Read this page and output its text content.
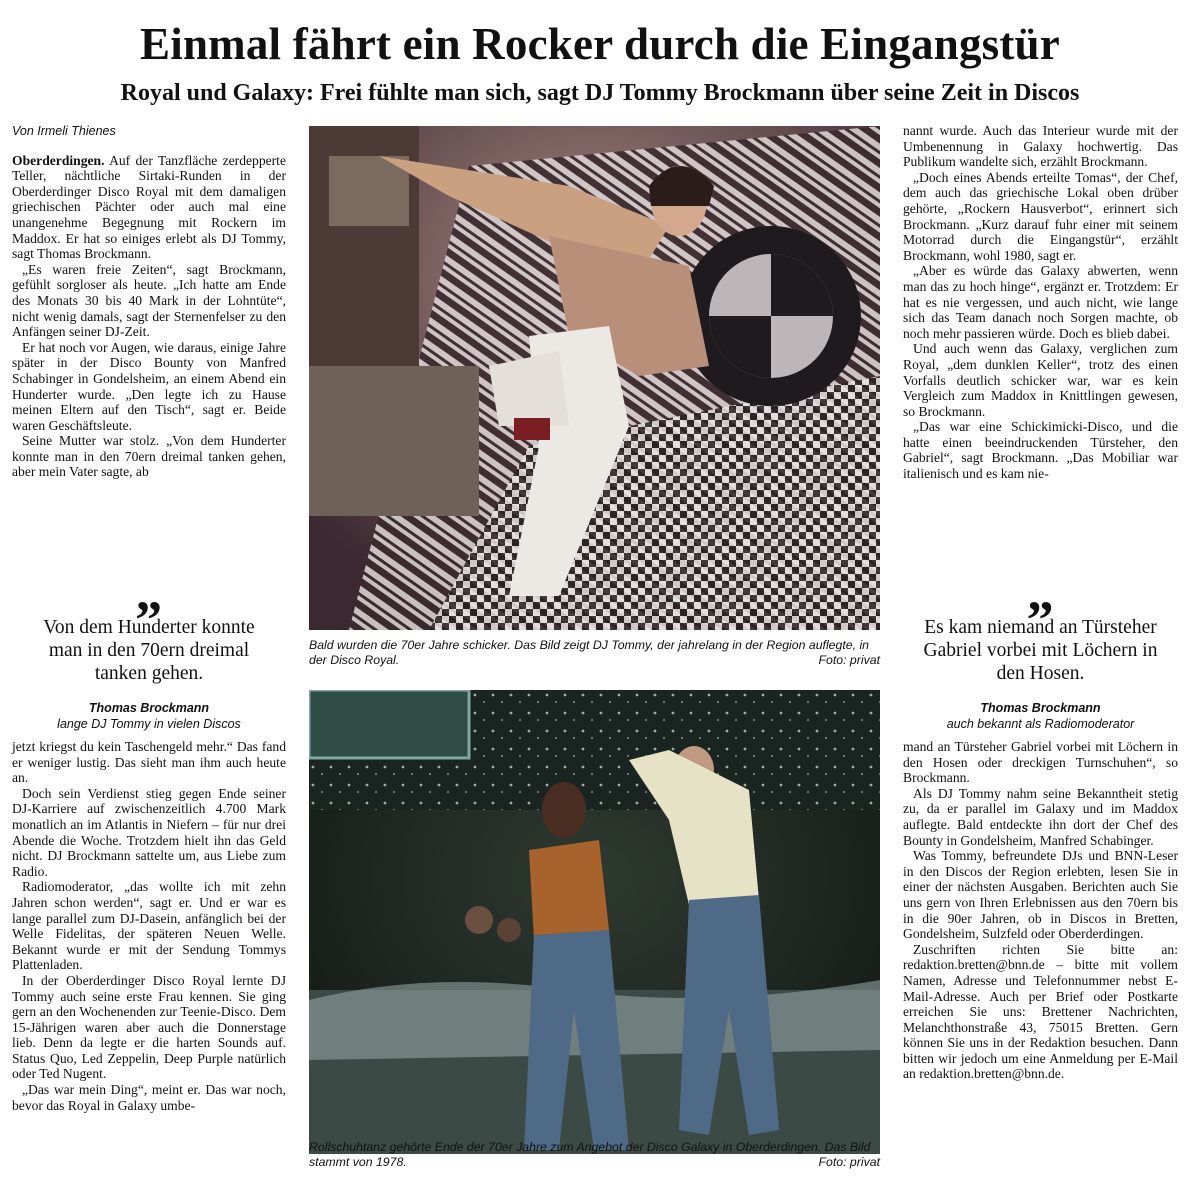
Einmal fährt ein Rocker durch die Eingangstür
Royal und Galaxy: Frei fühlte man sich, sagt DJ Tommy Brockmann über seine Zeit in Discos
Von Irmeli Thienes

Oberderdingen. Auf der Tanzfläche zerdepperte Teller, nächtliche Sirtaki-Runden in der Oberderdinger Disco Royal mit dem damaligen griechischen Pächter oder auch mal eine unangenehme Begegnung mit Rockern im Maddox. Er hat so einiges erlebt als DJ Tommy, sagt Thomas Brockmann.

„Es waren freie Zeiten“, sagt Brockmann, gefühlt sorgloser als heute. „Ich hatte am Ende des Monats 30 bis 40 Mark in der Lohntüte“, nicht wenig damals, sagt der Sternenfelser zu den Anfängen seiner DJ-Zeit.

Er hat noch vor Augen, wie daraus, einige Jahre später in der Disco Bounty von Manfred Schabinger in Gondelsheim, an einem Abend ein Hunderter wurde. „Den legte ich zu Hause meinen Eltern auf den Tisch“, sagt er. Beide waren Geschäftsleute.

Seine Mutter war stolz. „Von dem Hunderter konnte man in den 70ern dreimal tanken gehen, aber mein Vater sagte, ab

„
Von dem Hunderter konnte man in den 70ern dreimal tanken gehen.
Thomas Brockmann
lange DJ Tommy in vielen Discos

jetzt kriegst du kein Taschengeld mehr.“ Das fand er weniger lustig. Das sieht man ihm auch heute an.

Doch sein Verdienst stieg gegen Ende seiner DJ-Karriere auf zwischenzeitlich 4.700 Mark monatlich an im Atlantis in Niefern – für nur drei Abende die Woche. Trotzdem hielt ihn das Geld nicht. DJ Brockmann sattelte um, aus Liebe zum Radio.

Radiomoderator, „das wollte ich mit zehn Jahren schon werden“, sagt er. Und er war es lange parallel zum DJ-Dasein, anfänglich bei der Welle Fidelitas, der späteren Neuen Welle. Bekannt wurde er mit der Sendung Tommys Plattenladen.

In der Oberderdinger Disco Royal lernte DJ Tommy auch seine erste Frau kennen. Sie ging gern an den Wochenenden zur Teenie-Disco. Dem 15-Jährigen waren aber auch die Donnerstage lieb. Denn da legte er die harten Sounds auf. Status Quo, Led Zeppelin, Deep Purple natürlich oder Ted Nugent.

„Das war mein Ding“, meint er. Das war noch, bevor das Royal in Galaxy umbe-

Bald wurden die 70er Jahre schicker. Das Bild zeigt DJ Tommy, der jahrelang in der Region auflegte, in der Disco Royal.	Foto: privat
Rollschuhtanz gehörte Ende der 70er Jahre zum Angebot der Disco Galaxy in Oberderdingen. Das Bild stammt von 1978.	Foto: privat

nannt wurde. Auch das Interieur wurde mit der Umbenennung in Galaxy hochwertig. Das Publikum wandelte sich, erzählt Brockmann.

„Doch eines Abends erteilte Tomas“, der Chef, dem auch das griechische Lokal oben drüber gehörte, „Rockern Hausverbot“, erinnert sich Brockmann. „Kurz darauf fuhr einer mit seinem Motorrad durch die Eingangstür“, erzählt Brockmann, wohl 1980, sagt er.

„Aber es würde das Galaxy abwerten, wenn man das zu hoch hinge“, ergänzt er. Trotzdem: Er hat es nie vergessen, und auch nicht, wie lange sich das Team danach noch Sorgen machte, ob noch mehr passieren würde. Doch es blieb dabei.

Und auch wenn das Galaxy, verglichen zum Royal, „dem dunklen Keller“, trotz des einen Vorfalls deutlich schicker war, war es kein Vergleich zum Maddox in Knittlingen gewesen, so Brockmann.

„Das war eine Schickimicki-Disco, und die hatte einen beeindruckenden Türsteher, den Gabriel“, sagt Brockmann. „Das Mobiliar war italienisch und es kam nie-

„
Es kam niemand an Türsteher Gabriel vorbei mit Löchern in den Hosen.
Thomas Brockmann
auch bekannt als Radiomoderator

mand an Türsteher Gabriel vorbei mit Löchern in den Hosen oder dreckigen Turnschuhen“, so Brockmann.

Als DJ Tommy nahm seine Bekanntheit stetig zu, da er parallel im Galaxy und im Maddox auflegte. Bald entdeckte ihn dort der Chef des Bounty in Gondelsheim, Manfred Schabinger.

Was Tommy, befreundete DJs und BNN-Leser in den Discos der Region erlebten, lesen Sie in einer der nächsten Ausgaben. Berichten auch Sie uns gern von Ihren Erlebnissen aus den 70ern bis in die 90er Jahren, ob in Discos in Bretten, Gondelsheim, Sulzfeld oder Oberderdingen.

Zuschriften richten Sie bitte an: redaktion.bretten@bnn.de – bitte mit vollem Namen, Adresse und Telefonnummer nebst E-Mail-Adresse. Auch per Brief oder Postkarte erreichen Sie uns: Brettener Nachrichten, Melanchthonstraße 43, 75015 Bretten. Gern können Sie uns in der Redaktion besuchen. Dann bitten wir jedoch um eine Anmeldung per E-Mail an redaktion.bretten@bnn.de.
